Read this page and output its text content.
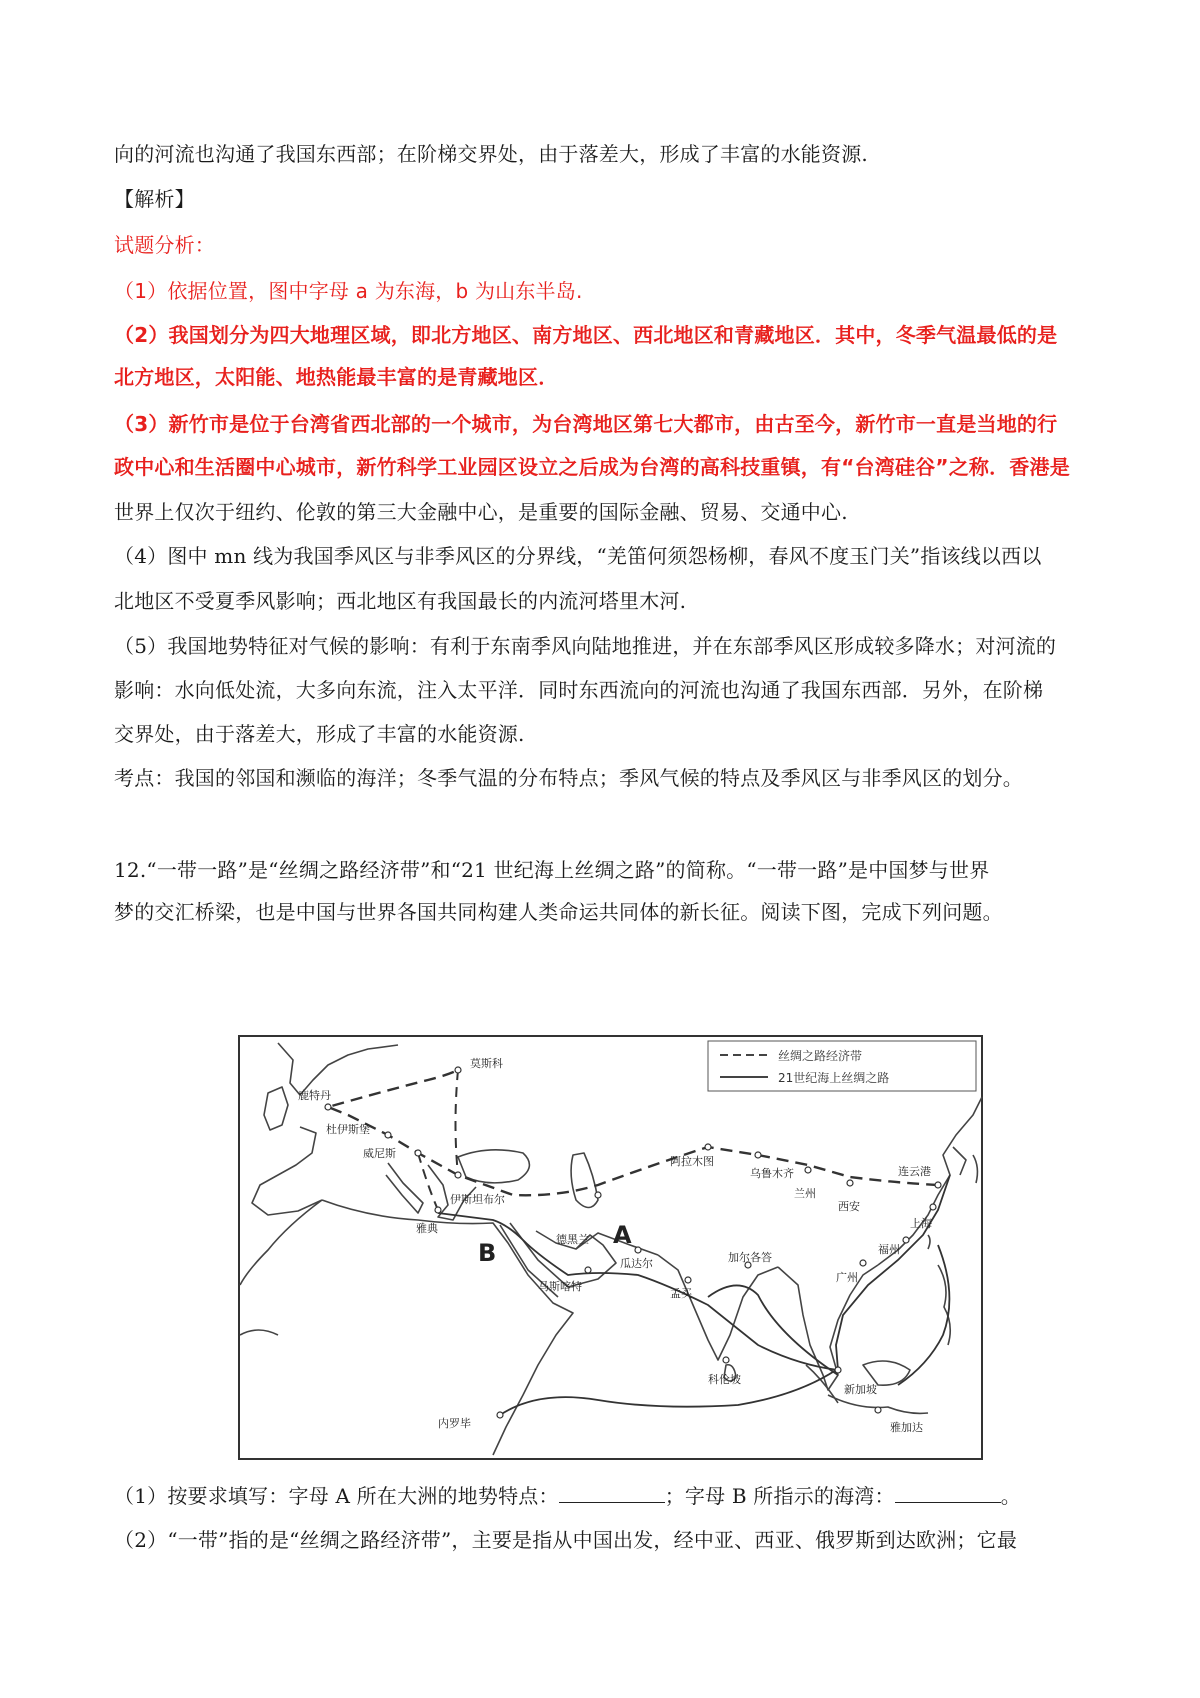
向的河流也沟通了我国东西部；在阶梯交界处，由于落差大，形成了丰富的水能资源.
【解析】
试题分析：
（1）依据位置，图中字母 a 为东海，b 为山东半岛.
（2）我国划分为四大地理区域，即北方地区、南方地区、西北地区和青藏地区．其中，冬季气温最低的是
北方地区，太阳能、地热能最丰富的是青藏地区．
（3）新竹市是位于台湾省西北部的一个城市，为台湾地区第七大都市，由古至今，新竹市一直是当地的行
政中心和生活圈中心城市，新竹科学工业园区设立之后成为台湾的高科技重镇，有“台湾硅谷”之称．香港是
世界上仅次于纽约、伦敦的第三大金融中心，是重要的国际金融、贸易、交通中心.
（4）图中 mn 线为我国季风区与非季风区的分界线，“羌笛何须怨杨柳，春风不度玉门关”指该线以西以
北地区不受夏季风影响；西北地区有我国最长的内流河塔里木河.
（5）我国地势特征对气候的影响：有利于东南季风向陆地推进，并在东部季风区形成较多降水；对河流的
影响：水向低处流，大多向东流，注入太平洋．同时东西流向的河流也沟通了我国东西部．另外，在阶梯
交界处，由于落差大，形成了丰富的水能资源.
考点：我国的邻国和濒临的海洋；冬季气温的分布特点；季风气候的特点及季风区与非季风区的划分。
12.“一带一路”是“丝绸之路经济带”和“21 世纪海上丝绸之路”的简称。“一带一路”是中国梦与世界
梦的交汇桥梁，也是中国与世界各国共同构建人类命运共同体的新长征。阅读下图，完成下列问题。
丝绸之路经济带
21世纪海上丝绸之路
鹿特丹
莫斯科
杜伊斯堡
威尼斯
伊斯坦布尔
雅典
德黑兰
阿拉木图
乌鲁木齐
兰州
西安
连云港
上海
福州
广州
瓜达尔
马斯喀特
孟买
加尔各答
科伦坡
新加坡
雅加达
内罗毕
A
B
（1）按要求填写：字母 A 所在大洲的地势特点：	；字母 B 所指示的海湾：	。
（2）“一带”指的是“丝绸之路经济带”，主要是指从中国出发，经中亚、西亚、俄罗斯到达欧洲；它最
